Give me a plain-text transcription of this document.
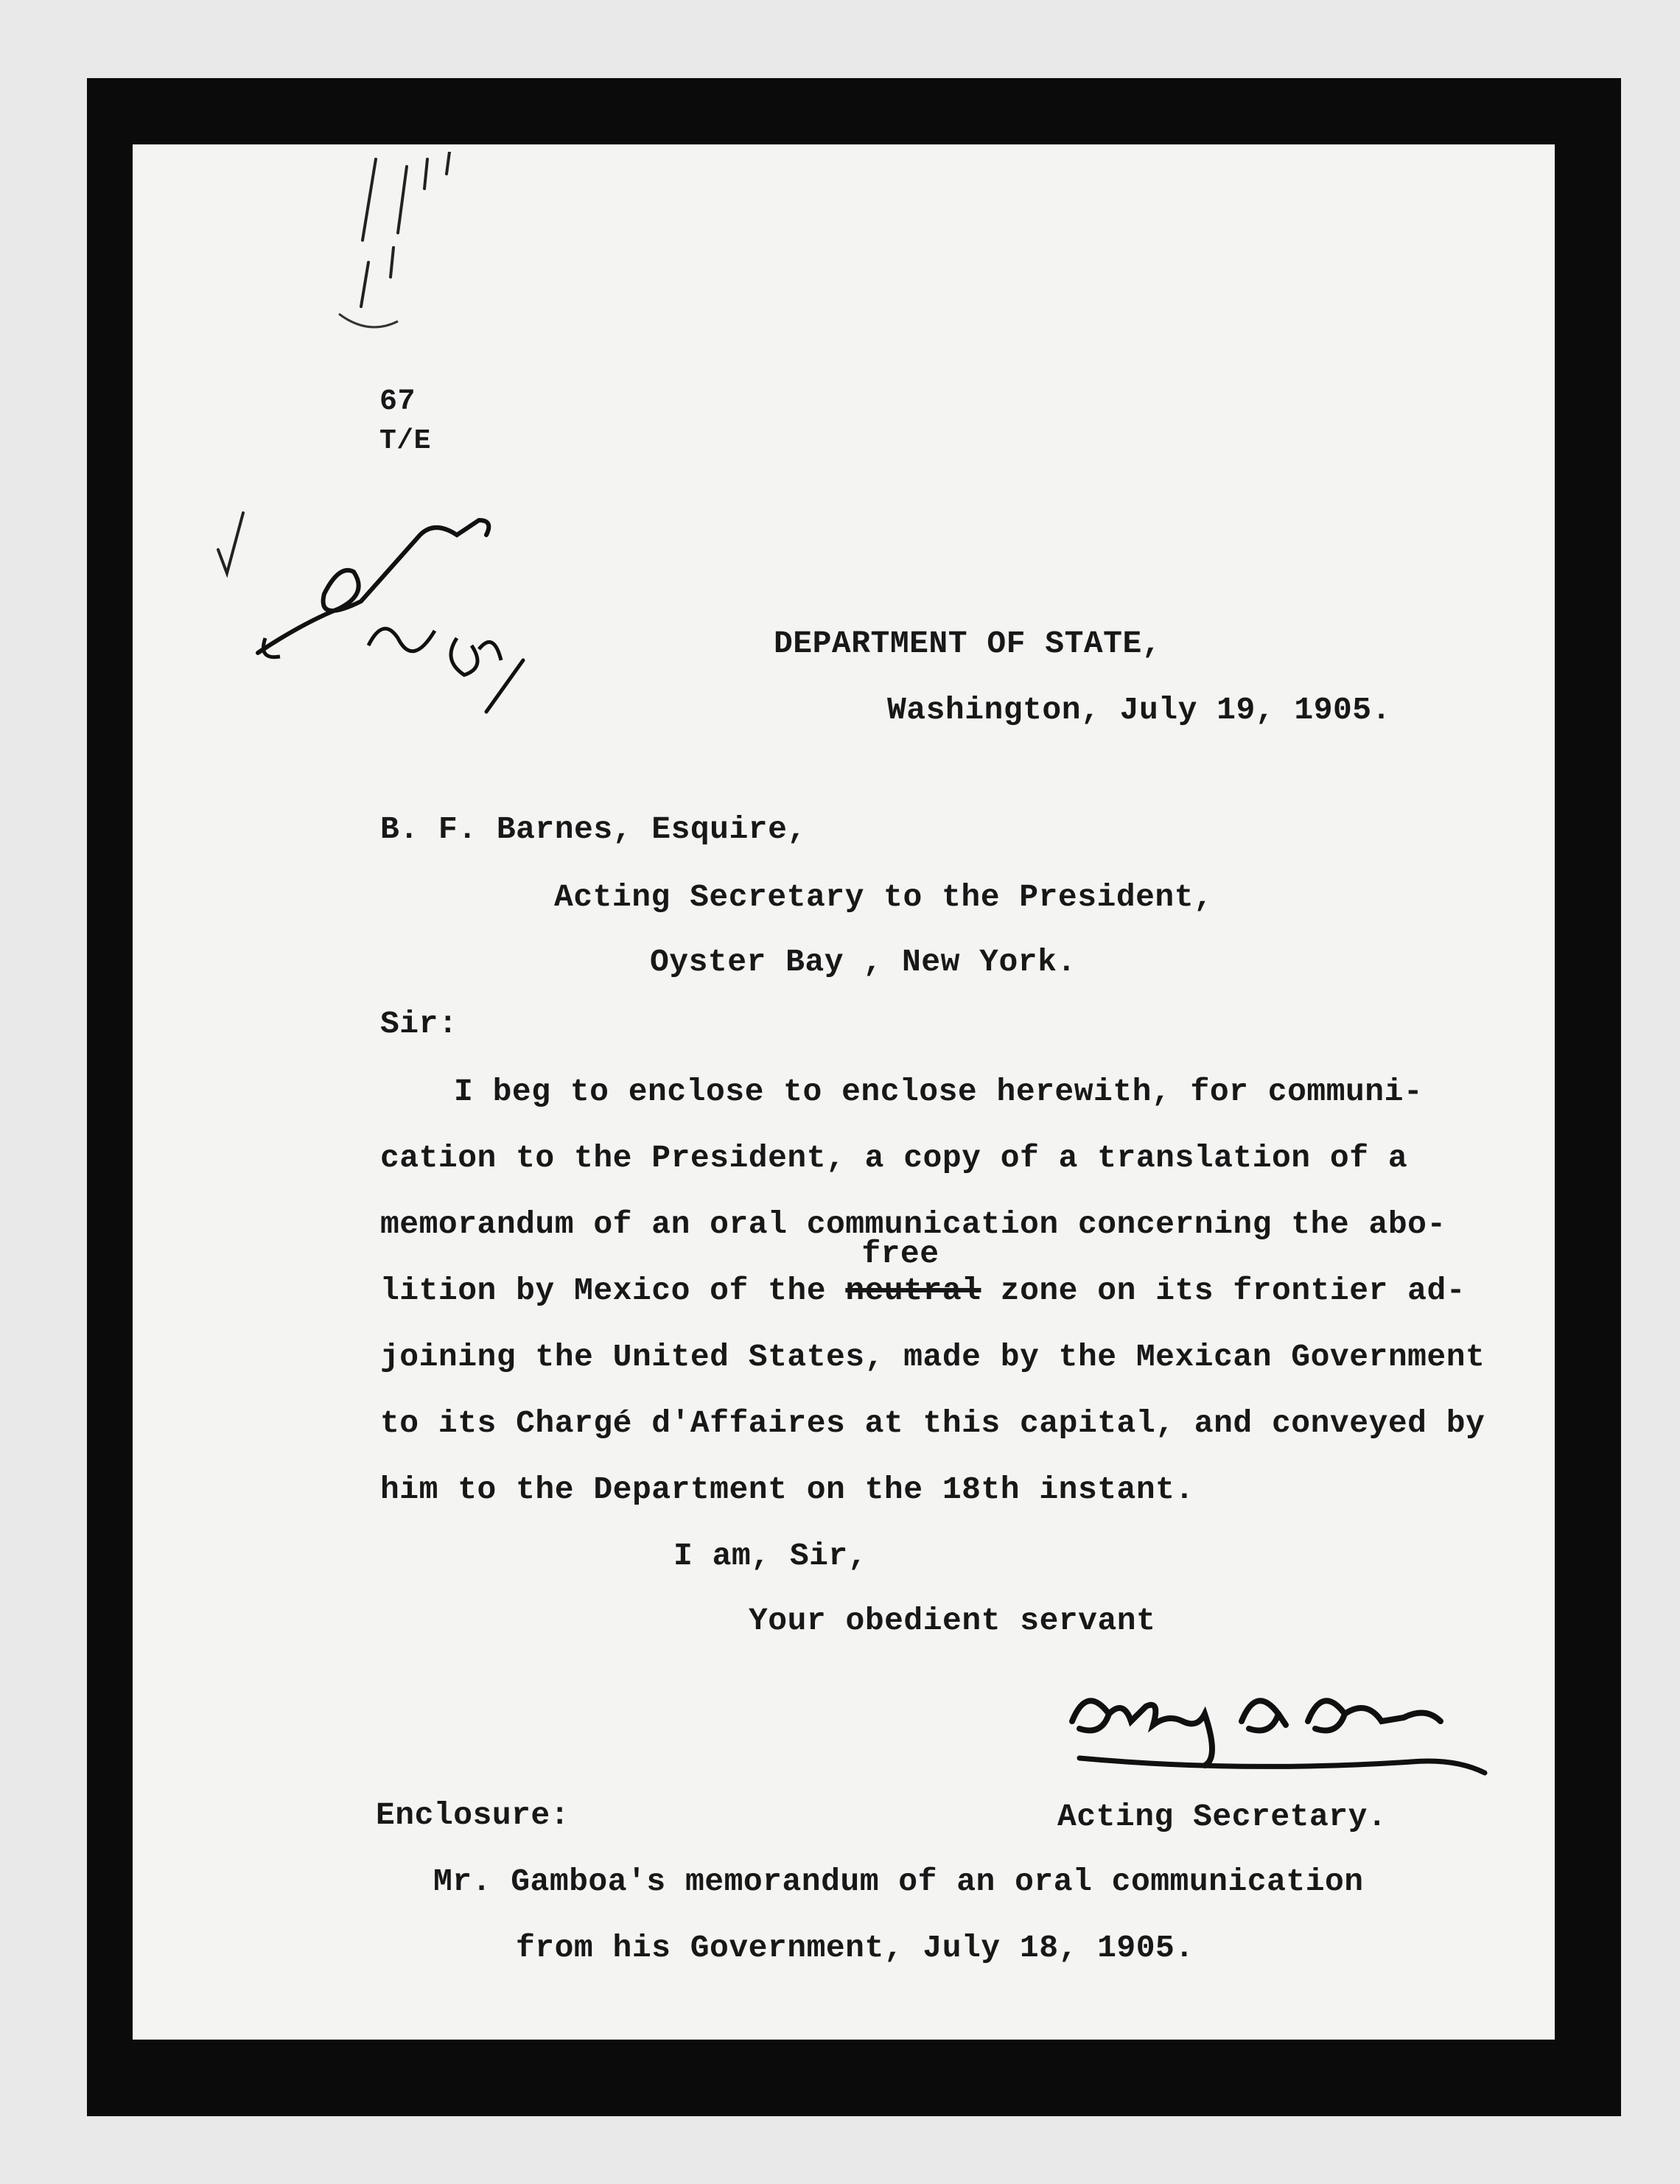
67
T/E
DEPARTMENT OF STATE,
Washington, July 19, 1905.
B. F. Barnes, Esquire,
Acting Secretary to the President,
Oyster Bay , New York.
Sir:
I beg to enclose to enclose herewith, for communi-
cation to the President, a copy of a translation of a
memorandum of an oral communication concerning the abo-
lition by Mexico of the neutral
free
zone on its frontier ad-
joining the United States, made by the Mexican Government
to its Chargé d'Affaires at this capital, and conveyed by
him to the Department on the 18th instant.
I am, Sir,
Your obedient servant
Acting Secretary.
Enclosure:
Mr. Gamboa's memorandum of an oral communication
from his Government, July 18, 1905.
